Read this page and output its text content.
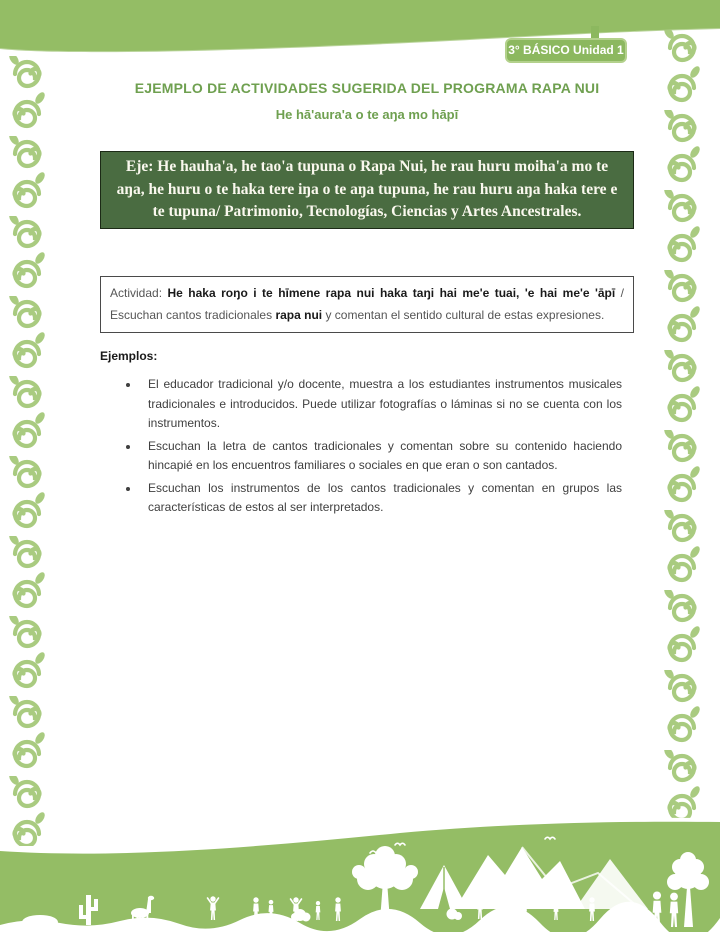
3° BÁSICO Unidad 1
EJEMPLO DE ACTIVIDADES SUGERIDA DEL PROGRAMA RAPA NUI
He hā'aura'a o te aŋa mo hāpī
Eje: He hauha'a, he tao'a tupuna o Rapa Nui, he rau huru moiha'a mo te aŋa, he huru o te haka tere iŋa o te aŋa tupuna, he rau huru aŋa haka tere e te tupuna/ Patrimonio, Tecnologías, Ciencias y Artes Ancestrales.
Actividad: He haka roŋo i te hīmene rapa nui haka taŋi hai me'e tuai, 'e hai me'e 'āpī / Escuchan cantos tradicionales rapa nui y comentan el sentido cultural de estas expresiones.
Ejemplos:
• El educador tradicional y/o docente, muestra a los estudiantes instrumentos musicales tradicionales e introducidos. Puede utilizar fotografías o láminas si no se cuenta con los instrumentos.
• Escuchan la letra de cantos tradicionales y comentan sobre su contenido haciendo hincapié en los encuentros familiares o sociales en que eran o son cantados.
• Escuchan los instrumentos de los cantos tradicionales y comentan en grupos las características de estos al ser interpretados.
